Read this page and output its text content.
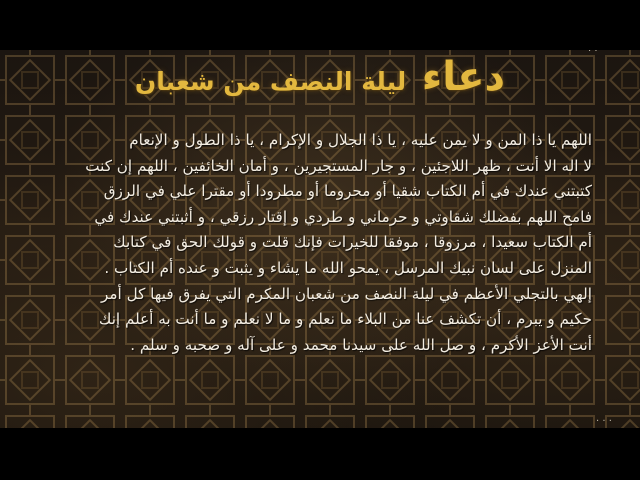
دعاء ليلة النصف من شعبان
اللهم يا ذا المن و لا يمن عليه ، يا ذا الجلال و الإكرام ، يا ذا الطول و الإنعام
لا اله الا أنت ، ظهر اللاجئين ، و جار المستجيرين ، و أمان الخائفين ، اللهم إن كنت
كتبتني عندك في أم الكتاب شقيا أو محروما أو مطرودا أو مقترا علي في الرزق
فامح اللهم بفضلك شقاوتي و حرماني و طردي و إقتار رزقي ، و أثبتني عندك في
أم الكتاب سعيدا ، مرزوقا ، موفقا للخيرات فإنك قلت و قولك الحق في كتابك
المنزل على لسان نبيك المرسل ، يمحو الله ما يشاء و يثبت و عنده أم الكتاب .
إلهي بالتجلي الأعظم في ليلة النصف من شعبان المكرم التي يفرق فيها كل أمر
حكيم و يبرم ، أن تكشف عنا من البلاء ما نعلم و ما لا نعلم و ما أنت به أعلم إنك
أنت الأعز الأكرم ، و صل الله على سيدنا محمد و على آله و صحبه و سلم .
· ·
· · ·
